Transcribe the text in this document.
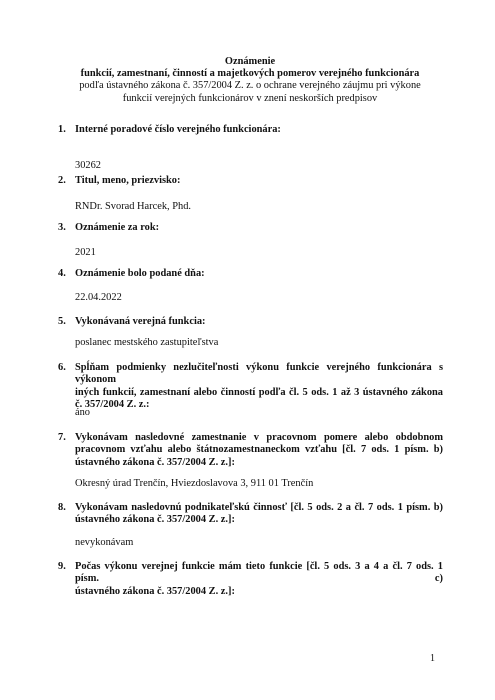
Oznámenie
funkcií, zamestnaní, činností a majetkových pomerov verejného funkcionára
podľa ústavného zákona č. 357/2004 Z. z. o ochrane verejného záujmu pri výkone
funkcií verejných funkcionárov v znení neskorších predpisov
1. Interné poradové číslo verejného funkcionára:
30262
2. Titul, meno, priezvisko:
RNDr. Svorad Harcek, Phd.
3. Oznámenie za rok:
2021
4. Oznámenie bolo podané dňa:
22.04.2022
5. Vykonávaná verejná funkcia:
poslanec mestského zastupiteľstva
6. Spĺňam podmienky nezlučiteľnosti výkonu funkcie verejného funkcionára s výkonom
iných funkcií, zamestnaní alebo činností podľa čl. 5 ods. 1 až 3 ústavného zákona
č. 357/2004 Z. z.:
áno
7. Vykonávam nasledovné zamestnanie v pracovnom pomere alebo obdobnom
pracovnom vzťahu alebo štátnozamestnaneckom vzťahu [čl. 7 ods. 1 písm. b)
ústavného zákona č. 357/2004 Z. z.]:
Okresný úrad Trenčín, Hviezdoslavova 3, 911 01 Trenčín
8. Vykonávam nasledovnú podnikateľskú činnosť [čl. 5 ods. 2 a čl. 7 ods. 1 písm. b)
ústavného zákona č. 357/2004 Z. z.]:
nevykonávam
9. Počas výkonu verejnej funkcie mám tieto funkcie [čl. 5 ods. 3 a 4 a čl. 7 ods. 1 písm. c)
ústavného zákona č. 357/2004 Z. z.]:
1
